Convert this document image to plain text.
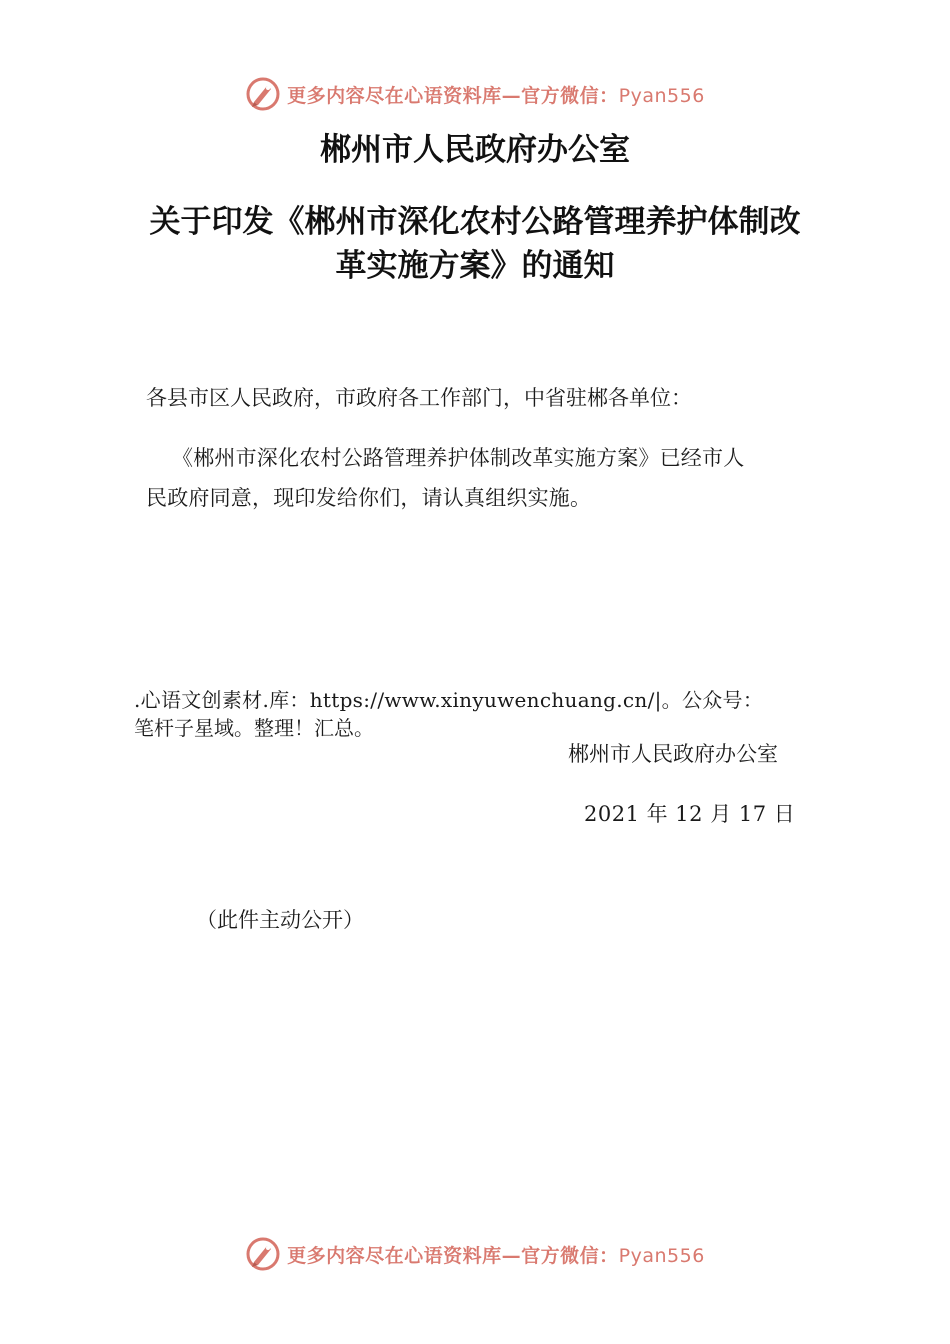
更多内容尽在心语资料库—官方微信：Pyan556
郴州市人民政府办公室
关于印发《郴州市深化农村公路管理养护体制改
革实施方案》的通知
各县市区人民政府，市政府各工作部门，中省驻郴各单位：
《郴州市深化农村公路管理养护体制改革实施方案》已经市人
民政府同意，现印发给你们，请认真组织实施。
.心语文创素材.库：https://www.xinyuwenchuang.cn/|。公众号：
笔杆子星域。整理！汇总。
郴州市人民政府办公室
2021 年 12 月 17 日
（此件主动公开）
更多内容尽在心语资料库—官方微信：Pyan556
